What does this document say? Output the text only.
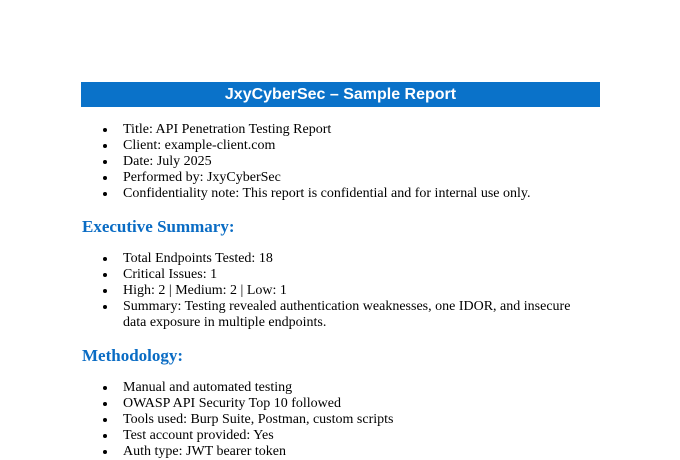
JxyCyberSec – Sample Report
Title: API Penetration Testing Report
Client: example-client.com
Date: July 2025
Performed by: JxyCyberSec
Confidentiality note: This report is confidential and for internal use only.
Executive Summary:
Total Endpoints Tested: 18
Critical Issues: 1
High: 2 | Medium: 2 | Low: 1
Summary: Testing revealed authentication weaknesses, one IDOR, and insecure data exposure in multiple endpoints.
Methodology:
Manual and automated testing
OWASP API Security Top 10 followed
Tools used: Burp Suite, Postman, custom scripts
Test account provided: Yes
Auth type: JWT bearer token
